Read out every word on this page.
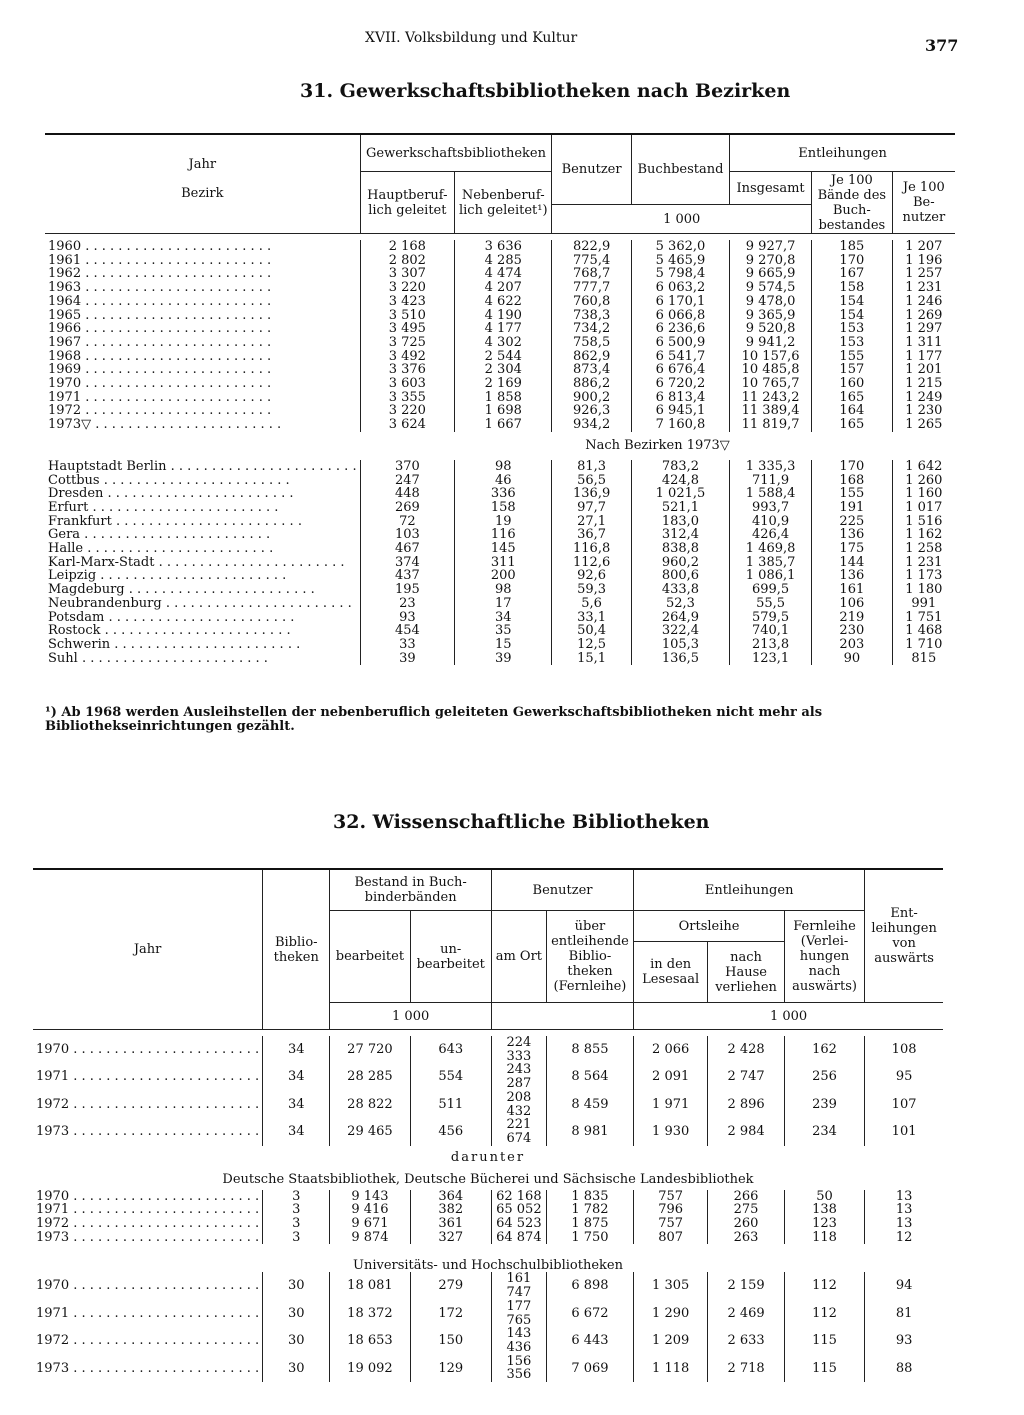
XVII. Volksbildung und Kultur	377
31. Gewerkschaftsbibliotheken nach Bezirken
Jahr
Bezirk	Gewerkschaftsbibliotheken		Benutzer	Buchbestand	Entleihungen		
	Hauptberuf-lich geleitet	Nebenberuf-lich geleitet¹)			Insgesamt	Je 100 Bände des Buch-bestandes	Je 100 Be-nutzer
			1 000				

1960 . . .	2 168	3 636	822,9	5 362,0	9 927,7	185	1 207
1961 . . .	2 802	4 285	775,4	5 465,9	9 270,8	170	1 196
1962 . . .	3 307	4 474	768,7	5 798,4	9 665,9	167	1 257
1963 . . .	3 220	4 207	777,7	6 063,2	9 574,5	158	1 231
1964 . . .	3 423	4 622	760,8	6 170,1	9 478,0	154	1 246
1965 . . .	3 510	4 190	738,3	6 066,8	9 365,9	154	1 269
1966 . . .	3 495	4 177	734,2	6 236,6	9 520,8	153	1 297
1967 . . .	3 725	4 302	758,5	6 500,9	9 941,2	153	1 311
1968 . . .	3 492	2 544	862,9	6 541,7	10 157,6	155	1 177
1969 . . .	3 376	2 304	873,4	6 676,4	10 485,8	157	1 201
1970 . . .	3 603	2 169	886,2	6 720,2	10 765,7	160	1 215
1971 . . .	3 355	1 858	900,2	6 813,4	11 243,2	165	1 249
1972 . . .	3 220	1 698	926,3	6 945,1	11 389,4	164	1 230
1973▽ . . .	3 624	1 667	934,2	7 160,8	11 819,7	165	1 265
	Nach Bezirken 1973▽						
Hauptstadt Berlin . . .	370	98	81,3	783,2	1 335,3	170	1 642
Cottbus . . .	247	46	56,5	424,8	711,9	168	1 260
Dresden . . .	448	336	136,9	1 021,5	1 588,4	155	1 160
Erfurt . . .	269	158	97,7	521,1	993,7	191	1 017
Frankfurt . . .	72	19	27,1	183,0	410,9	225	1 516
Gera . . .	103	116	36,7	312,4	426,4	136	1 162
Halle . . .	467	145	116,8	838,8	1 469,8	175	1 258
Karl-Marx-Stadt . . .	374	311	112,6	960,2	1 385,7	144	1 231
Leipzig . . .	437	200	92,6	800,6	1 086,1	136	1 173
Magdeburg . . .	195	98	59,3	433,8	699,5	161	1 180
Neubrandenburg . . .	23	17	5,6	52,3	55,5	106	991
Potsdam . . .	93	34	33,1	264,9	579,5	219	1 751
Rostock . . .	454	35	50,4	322,4	740,1	230	1 468
Schwerin . . .	33	15	12,5	105,3	213,8	203	1 710
Suhl . . .	39	39	15,1	136,5	123,1	90	815
¹) Ab 1968 werden Ausleihstellen der nebenberuflich geleiteten Gewerkschaftsbibliotheken nicht mehr als Bibliothekseinrichtungen gezählt.
32. Wissenschaftliche Bibliotheken
Jahr	Biblio-theken	Bestand in Buch-binderbänden		Benutzer		Entleihungen			Ent-leihungen von auswärts
		bearbeitet	un-bearbeitet	am Ort	über entleihende Biblio-theken (Fernleihe)	Ortsleihe		Fernleihe (Verlei-hungen nach auswärts)	
						in den Lesesaal	nach Hause verliehen		
		1 000				1 000			

1970 . . .	34	27 720	643	224 333	8 855	2 066	2 428	162	108
1971 . . .	34	28 285	554	243 287	8 564	2 091	2 747	256	95
1972 . . .	34	28 822	511	208 432	8 459	1 971	2 896	239	107
1973 . . .	34	29 465	456	221 674	8 981	1 930	2 984	234	101
darunter									
Deutsche Staatsbibliothek, Deutsche Bücherei und Sächsische Landesbibliothek									
1970 . . .	3	9 143	364	62 168	1 835	757	266	50	13
1971 . . .	3	9 416	382	65 052	1 782	796	275	138	13
1972 . . .	3	9 671	361	64 523	1 875	757	260	123	13
1973 . . .	3	9 874	327	64 874	1 750	807	263	118	12
Universitäts- und Hochschulbibliotheken									
1970 . . .	30	18 081	279	161 747	6 898	1 305	2 159	112	94
1971 . . .	30	18 372	172	177 765	6 672	1 290	2 469	112	81
1972 . . .	30	18 653	150	143 436	6 443	1 209	2 633	115	93
1973 . . .	30	19 092	129	156 356	7 069	1 118	2 718	115	88
